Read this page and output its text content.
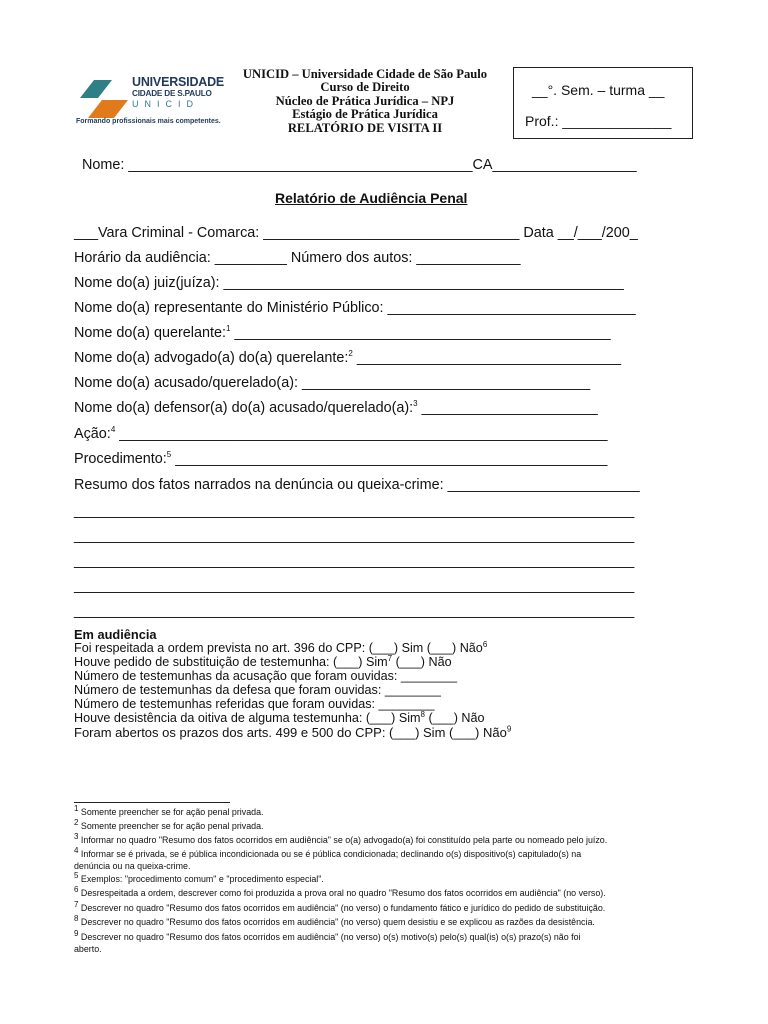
UNIVERSIDADE
CIDADE DE S.PAULO
UNICID
Formando profissionais mais competentes.
UNICID – Universidade Cidade de São Paulo
Curso de Direito
Núcleo de Prática Jurídica – NPJ
Estágio de Prática Jurídica
RELATÓRIO DE VISITA II
__°. Sem. – turma __
Prof.: ______________
Nome: ___________________________________________CA__________________
Relatório de Audiência Penal
___Vara Criminal - Comarca: ________________________________ Data __/___/200_
Horário da audiência: _________ Número dos autos: _____________
Nome do(a) juiz(juíza): __________________________________________________
Nome do(a) representante do Ministério Público: _______________________________
Nome do(a) querelante:$^1$ _______________________________________________
Nome do(a) advogado(a) do(a) querelante:$^2$ _________________________________
Nome do(a) acusado/querelado(a): ____________________________________
Nome do(a) defensor(a) do(a) acusado/querelado(a):$^3$ ______________________
Ação:$^4$ _____________________________________________________________
Procedimento:$^5$ ______________________________________________________
Resumo dos fatos narrados na denúncia ou queixa-crime: ________________________
______________________________________________________________________
______________________________________________________________________
______________________________________________________________________
______________________________________________________________________
______________________________________________________________________
Em audiência
Foi respeitada a ordem prevista no art. 396 do CPP: (___) Sim (___) Não$^6$
Houve pedido de substituição de testemunha: (___) Sim$^7$ (___) Não
Número de testemunhas da acusação que foram ouvidas: ________
Número de testemunhas da defesa que foram ouvidas: ________
Número de testemunhas referidas que foram ouvidas: ________
Houve desistência da oitiva de alguma testemunha: (___) Sim$^8$ (___) Não
Foram abertos os prazos dos arts. 499 e 500 do CPP: (___) Sim (___) Não$^9$
$^1$ Somente preencher se for ação penal privada.
$^2$ Somente preencher se for ação penal privada.
$^3$ Informar no quadro "Resumo dos fatos ocorridos em audiência" se o(a) advogado(a) foi constituído pela parte ou nomeado pelo juízo.
$^4$ Informar se é privada, se é pública incondicionada ou se é pública condicionada; declinando o(s) dispositivo(s) capitulado(s) na
denúncia ou na queixa-crime.
$^5$ Exemplos: "procedimento comum" e "procedimento especial".
$^6$ Desrespeitada a ordem, descrever como foi produzida a prova oral no quadro "Resumo dos fatos ocorridos em audiência" (no verso).
$^7$ Descrever no quadro "Resumo dos fatos ocorridos em audiência" (no verso) o fundamento fático e jurídico do pedido de substituição.
$^8$ Descrever no quadro "Resumo dos fatos ocorridos em audiência" (no verso) quem desistiu e se explicou as razões da desistência.
$^9$ Descrever no quadro "Resumo dos fatos ocorridos em audiência" (no verso) o(s) motivo(s) pelo(s) qual(is) o(s) prazo(s) não foi
aberto.
